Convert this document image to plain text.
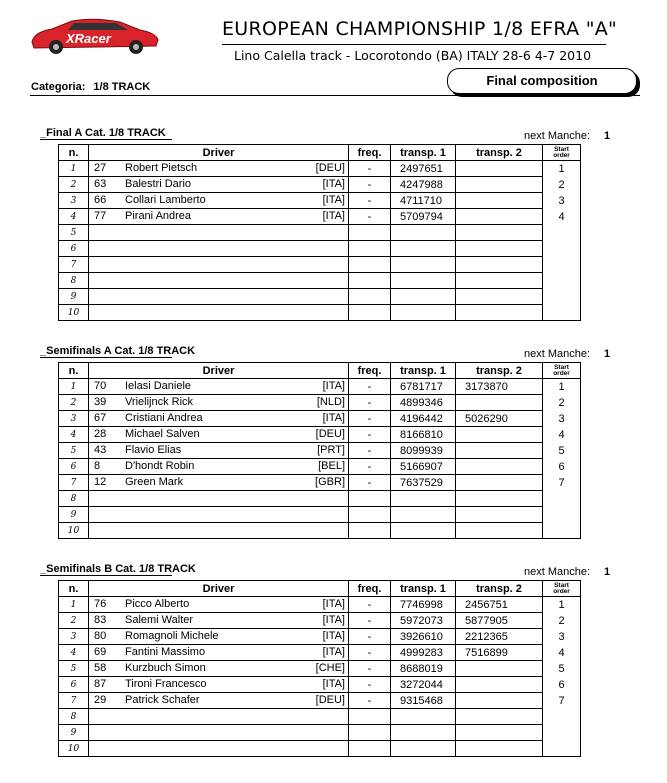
XRacer	EUROPEAN CHAMPIONSHIP 1/8 EFRA "A"
Lino Calella track - Locorotondo (BA) ITALY 28-6 4-7 2010
Categoria: 1/8 TRACK	Final composition
_Final A Cat. 1/8 TRACK	next Manche: 1
n.	Driver	freq.	transp. 1	transp. 2	Start
order
1	27 Robert Pietsch [DEU]	-	2497651		1
2	63 Balestri Dario [ITA]	-	4247988		2
3	66 Collari Lamberto [ITA]	-	4711710		3
4	77 Pirani Andrea [ITA]	-	5709794		4
5	

6	

7	

8	

9	

10	

_Semifinals A Cat. 1/8 TRACK	next Manche: 1
n.	Driver	freq.	transp. 1	transp. 2	Start
order
1	70 Ielasi Daniele [ITA]	-	6781717	3173870	1
2	39 Vrielijnck Rick [NLD]	-	4899346		2
3	67 Cristiani Andrea [ITA]	-	4196442	5026290	3
4	28 Michael Salven [DEU]	-	8166810		4
5	43 Flavio Elias [PRT]	-	8099939		5
6	8 D'hondt Robin [BEL]	-	5166907		6
7	12 Green Mark [GBR]	-	7637529		7
8	

9	

10	

_Semifinals B Cat. 1/8 TRACK	next Manche: 1
n.	Driver	freq.	transp. 1	transp. 2	Start
order
1	76 Picco Alberto [ITA]	-	7746998	2456751	1
2	83 Salemi Walter [ITA]	-	5972073	5877905	2
3	80 Romagnoli Michele [ITA]	-	3926610	2212365	3
4	69 Fantini Massimo [ITA]	-	4999283	7516899	4
5	58 Kurzbuch Simon [CHE]	-	8688019		5
6	87 Tironi Francesco [ITA]	-	3272044		6
7	29 Patrick Schafer [DEU]	-	9315468		7
8	

9	

10	
